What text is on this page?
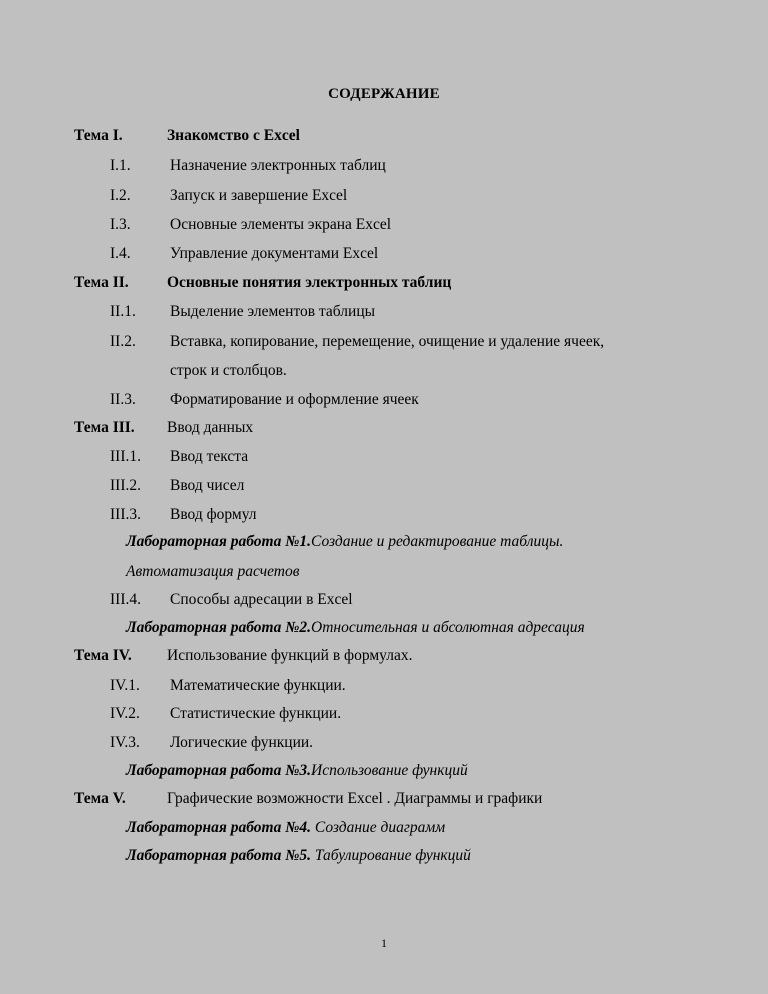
СОДЕРЖАНИЕ
Тема I.	Знакомство с Excel
I.1.	Назначение электронных таблиц
I.2.	Запуск и завершение Excel
I.3.	Основные элементы экрана Excel
I.4.	Управление документами Excel
Тема II. Основные понятия электронных таблиц
II.1. Выделение элементов таблицы
II.2. Вставка, копирование, перемещение, очищение и удаление ячеек,
строк и столбцов.
II.3. Форматирование и оформление ячеек
Тема III. Ввод данных
III.1. Ввод текста
III.2. Ввод чисел
III.3. Ввод формул
Лабораторная работа №1.Создание и редактирование таблицы.
Автоматизация расчетов
III.4. Способы адресации в Excel
Лабораторная работа №2.Относительная и абсолютная адресация
Тема IV. Использование функций в формулах.
IV.1. Математические функции.
IV.2. Статистические функции.
IV.3. Логические функции.
Лабораторная работа №3.Использование функций
Тема V.	Графические возможности Excel . Диаграммы и графики
Лабораторная работа №4. Создание диаграмм
Лабораторная работа №5. Табулирование функций
1
